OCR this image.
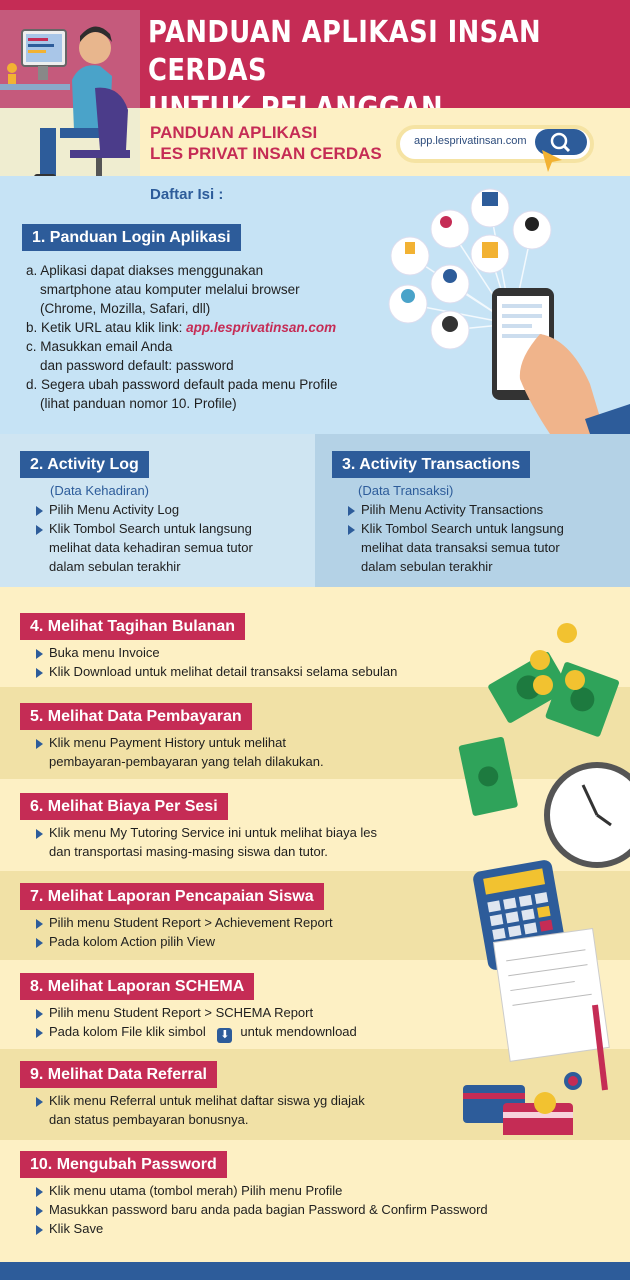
PANDUAN APLIKASI INSAN CERDAS
PANDUAN APLIKASI
LES PRIVAT INSAN CERDAS
app.lesprivatinsan.com
Daftar Isi :
1. Panduan Login Aplikasi
a. Aplikasi dapat diakses menggunakan
smartphone atau komputer melalui browser
(Chrome, Mozilla, Safari, dll)
b. Ketik URL atau klik link: app.lesprivatinsan.com
c. Masukkan email Anda
dan password default: password
d. Segera ubah password default pada menu Profile
(lihat panduan nomor 10. Profile)
2. Activity Log
(Data Kehadiran)
Pilih Menu Activity Log
Klik Tombol Search untuk langsung
melihat data kehadiran semua tutor
dalam sebulan terakhir
3. Activity Transactions
(Data Transaksi)
Pilih Menu Activity Transactions
Klik Tombol Search untuk langsung
melihat data transaksi semua tutor
dalam sebulan terakhir
4. Melihat Tagihan Bulanan
Buka menu Invoice
Klik Download untuk melihat detail transaksi selama sebulan
5. Melihat Data Pembayaran
Klik menu Payment History untuk melihat
pembayaran-pembayaran yang telah dilakukan.
6. Melihat Biaya Per Sesi
Klik menu My Tutoring Service ini untuk melihat biaya les
dan transportasi masing-masing siswa dan tutor.
7. Melihat Laporan Pencapaian Siswa
Pilih menu Student Report > Achievement Report
Pada kolom Action pilih View
8. Melihat Laporan SCHEMA
Pilih menu Student Report > SCHEMA Report
Pada kolom File klik simbol ⬇ untuk mendownload
9. Melihat Data Referral
Klik menu Referral untuk melihat daftar siswa yg diajak
dan status pembayaran bonusnya.
10. Mengubah Password
Klik menu utama (tombol merah) Pilih menu Profile
Masukkan password baru anda pada bagian Password & Confirm Password
Klik Save
